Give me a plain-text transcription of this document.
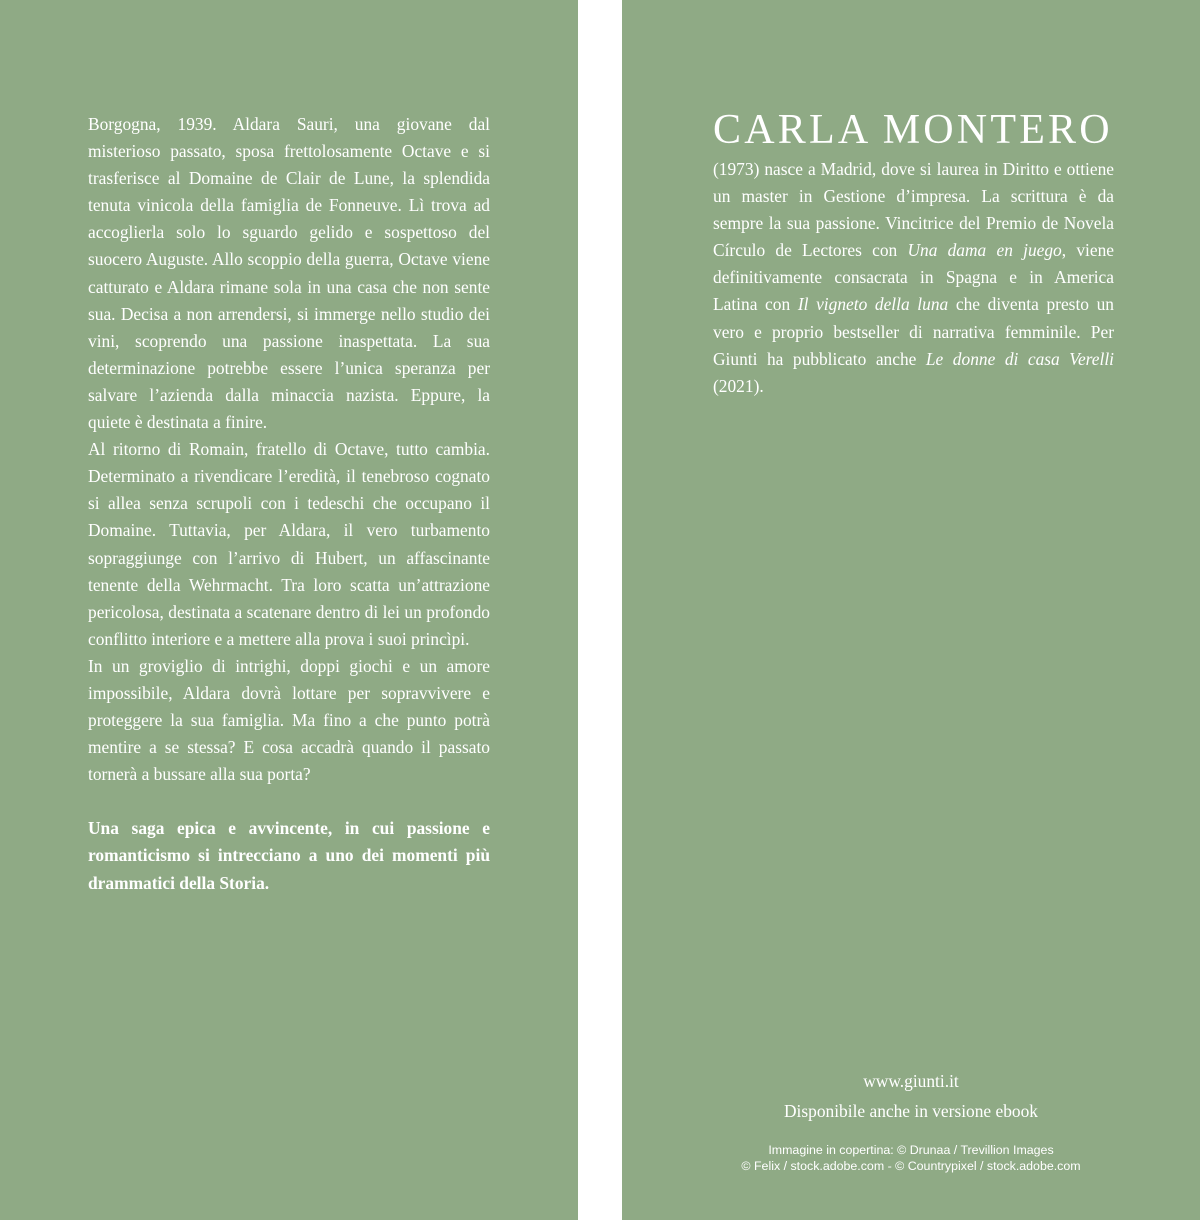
Borgogna, 1939. Aldara Sauri, una giovane dal misterioso passato, sposa frettolosamente Octave e si trasferisce al Domaine de Clair de Lune, la splendida tenuta vinicola della famiglia de Fonneuve. Lì trova ad accoglierla solo lo sguardo gelido e sospettoso del suocero Auguste. Allo scoppio della guerra, Octave viene catturato e Aldara rimane sola in una casa che non sente sua. Decisa a non arrendersi, si immerge nello studio dei vini, scoprendo una passione inaspettata. La sua determinazione potrebbe essere l’unica speranza per salvare l’azienda dalla minaccia nazista. Eppure, la quiete è destinata a finire.

Al ritorno di Romain, fratello di Octave, tutto cambia. Determinato a rivendicare l’eredità, il tenebroso cognato si allea senza scrupoli con i tedeschi che occupano il Domaine. Tuttavia, per Aldara, il vero turbamento sopraggiunge con l’arrivo di Hubert, un affascinante tenente della Wehrmacht. Tra loro scatta un’attrazione pericolosa, destinata a scatenare dentro di lei un profondo conflitto interiore e a mettere alla prova i suoi princìpi.

In un groviglio di intrighi, doppi giochi e un amore impossibile, Aldara dovrà lottare per sopravvivere e proteggere la sua famiglia. Ma fino a che punto potrà mentire a se stessa? E cosa accadrà quando il passato tornerà a bussare alla sua porta?

Una saga epica e avvincente, in cui passione e romanticismo si intrecciano a uno dei momenti più drammatici della Storia.

CARLA MONTERO

(1973) nasce a Madrid, dove si laurea in Diritto e ottiene un master in Gestione d’impresa. La scrittura è da sempre la sua passione. Vincitrice del Premio de Novela Círculo de Lectores con Una dama en juego, viene definitivamente consacrata in Spagna e in America Latina con Il vigneto della luna che diventa presto un vero e proprio bestseller di narrativa femminile. Per Giunti ha pubblicato anche Le donne di casa Verelli (2021).

www.giunti.it
Disponibile anche in versione ebook
Immagine in copertina: © Drunaa / Trevillion Images
© Felix / stock.adobe.com - © Countrypixel / stock.adobe.com
